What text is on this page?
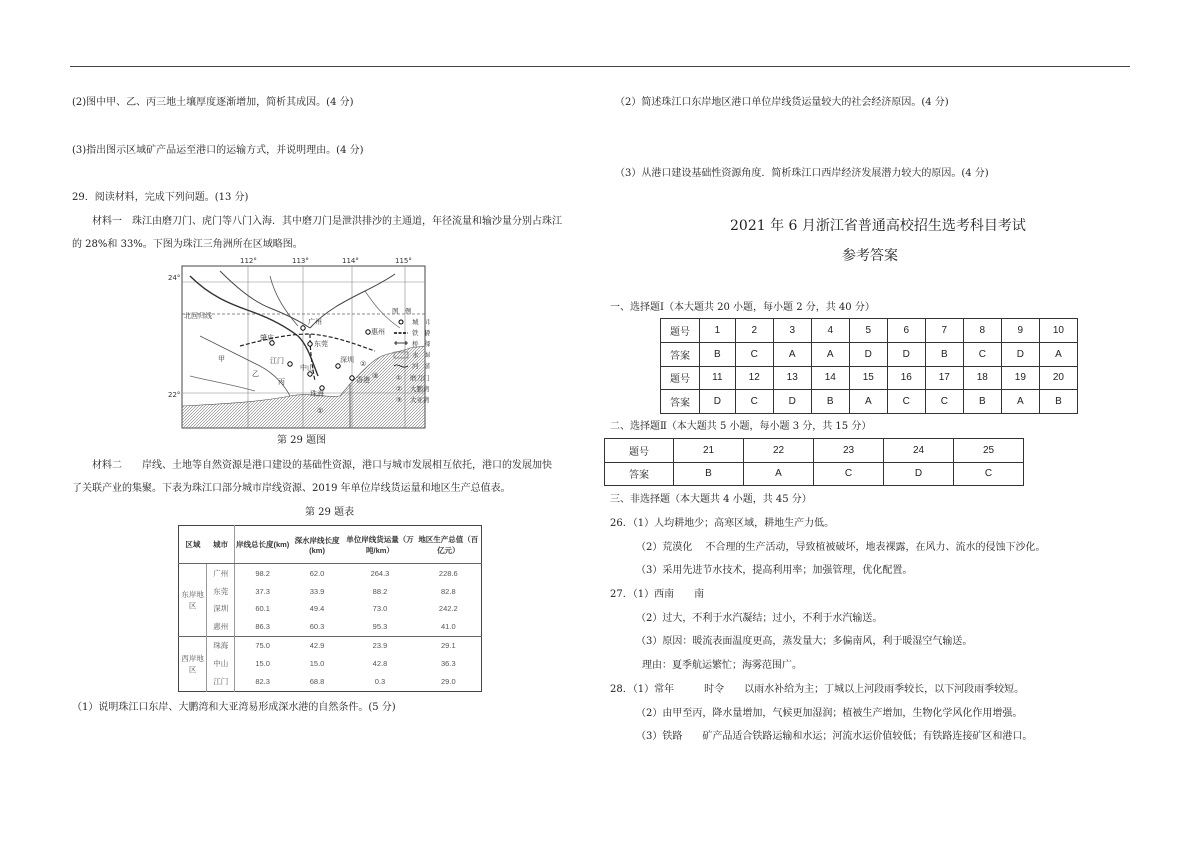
(2)图中甲、乙、丙三地土壤厚度逐渐增加，简析其成因。(4 分)
(3)指出图示区域矿产品运至港口的运输方式，并说明理由。(4 分)
29．阅读材料，完成下列问题。(13 分)
材料一　珠江由磨刀门、虎门等八门入海．其中磨刀门是泄洪排沙的主通道，年径流量和输沙量分别占珠江
的 28%和 33%。下图为珠江三角洲所在区域略图。
112°	113°	114°	115°
24°
22°
北回归线
广州
惠州
肇庆
东莞
江门
中山
深圳
珠海
香港
甲
乙
丙
①
②
③
图　例
城　市
铁　路
桥　梁
水　域
河　流
① 磨刀门
② 大鹏湾
③ 大亚湾
第 29 题图
材料二　　岸线、土地等自然资源是港口建设的基础性资源，港口与城市发展相互依托，港口的发展加快
了关联产业的集聚。下表为珠江口部分城市岸线资源、2019 年单位岸线货运量和地区生产总值表。
第 29 题表
区域	城市	岸线总长度(km)	深水岸线长度(km)	单位岸线货运量（万吨/km）	地区生产总值（百亿元）
东岸地区	广州	98.2	62.0	264.3	228.6
	东莞	37.3	33.9	88.2	82.8
	深圳	60.1	49.4	73.0	242.2
	惠州	86.3	60.3	95.3	41.0
西岸地区	珠海	75.0	42.9	23.9	29.1
	中山	15.0	15.0	42.8	36.3
	江门	82.3	68.8	0.3	29.0
（1）说明珠江口东岸、大鹏湾和大亚湾易形成深水港的自然条件。(5 分)
（2）简述珠江口东岸地区港口单位岸线货运量较大的社会经济原因。(4 分)
（3）从港口建设基础性资源角度．简析珠江口西岸经济发展潜力较大的原因。(4 分)
2021 年 6 月浙江省普通高校招生选考科目考试
参考答案
一、选择题Ⅰ（本大题共 20 小题，每小题 2 分，共 40 分）
题号	1	2	3	4	5	6	7	8	9	10
答案	B	C	A	A	D	D	B	C	D	A
题号	11	12	13	14	15	16	17	18	19	20
答案	D	C	D	B	A	C	C	B	A	B
二、选择题Ⅱ（本大题共 5 小题，每小题 3 分，共 15 分）
题号	21	22	23	24	25
答案	B	A	C	D	C
三、非选择题（本大题共 4 小题，共 45 分）
26．（1）人均耕地少；高寒区域，耕地生产力低。
（2）荒漠化　 不合理的生产活动，导致植被破坏，地表裸露，在风力、流水的侵蚀下沙化。
（3）采用先进节水技术，提高利用率；加强管理，优化配置。
27．（1）西南　　南
（2）过大，不利于水汽凝结；过小，不利于水汽输送。
（3）原因：暖流表面温度更高，蒸发量大；多偏南风，利于暖湿空气输送。
理由：夏季航运繁忙；海雾范围广。
28．（1）常年　　　时令　　以雨水补给为主；丁城以上河段雨季较长，以下河段雨季较短。
（2）由甲至丙，降水量增加，气候更加湿润；植被生产增加，生物化学风化作用增强。
（3）铁路　　矿产品适合铁路运输和水运；河流水运价值较低；有铁路连接矿区和港口。
